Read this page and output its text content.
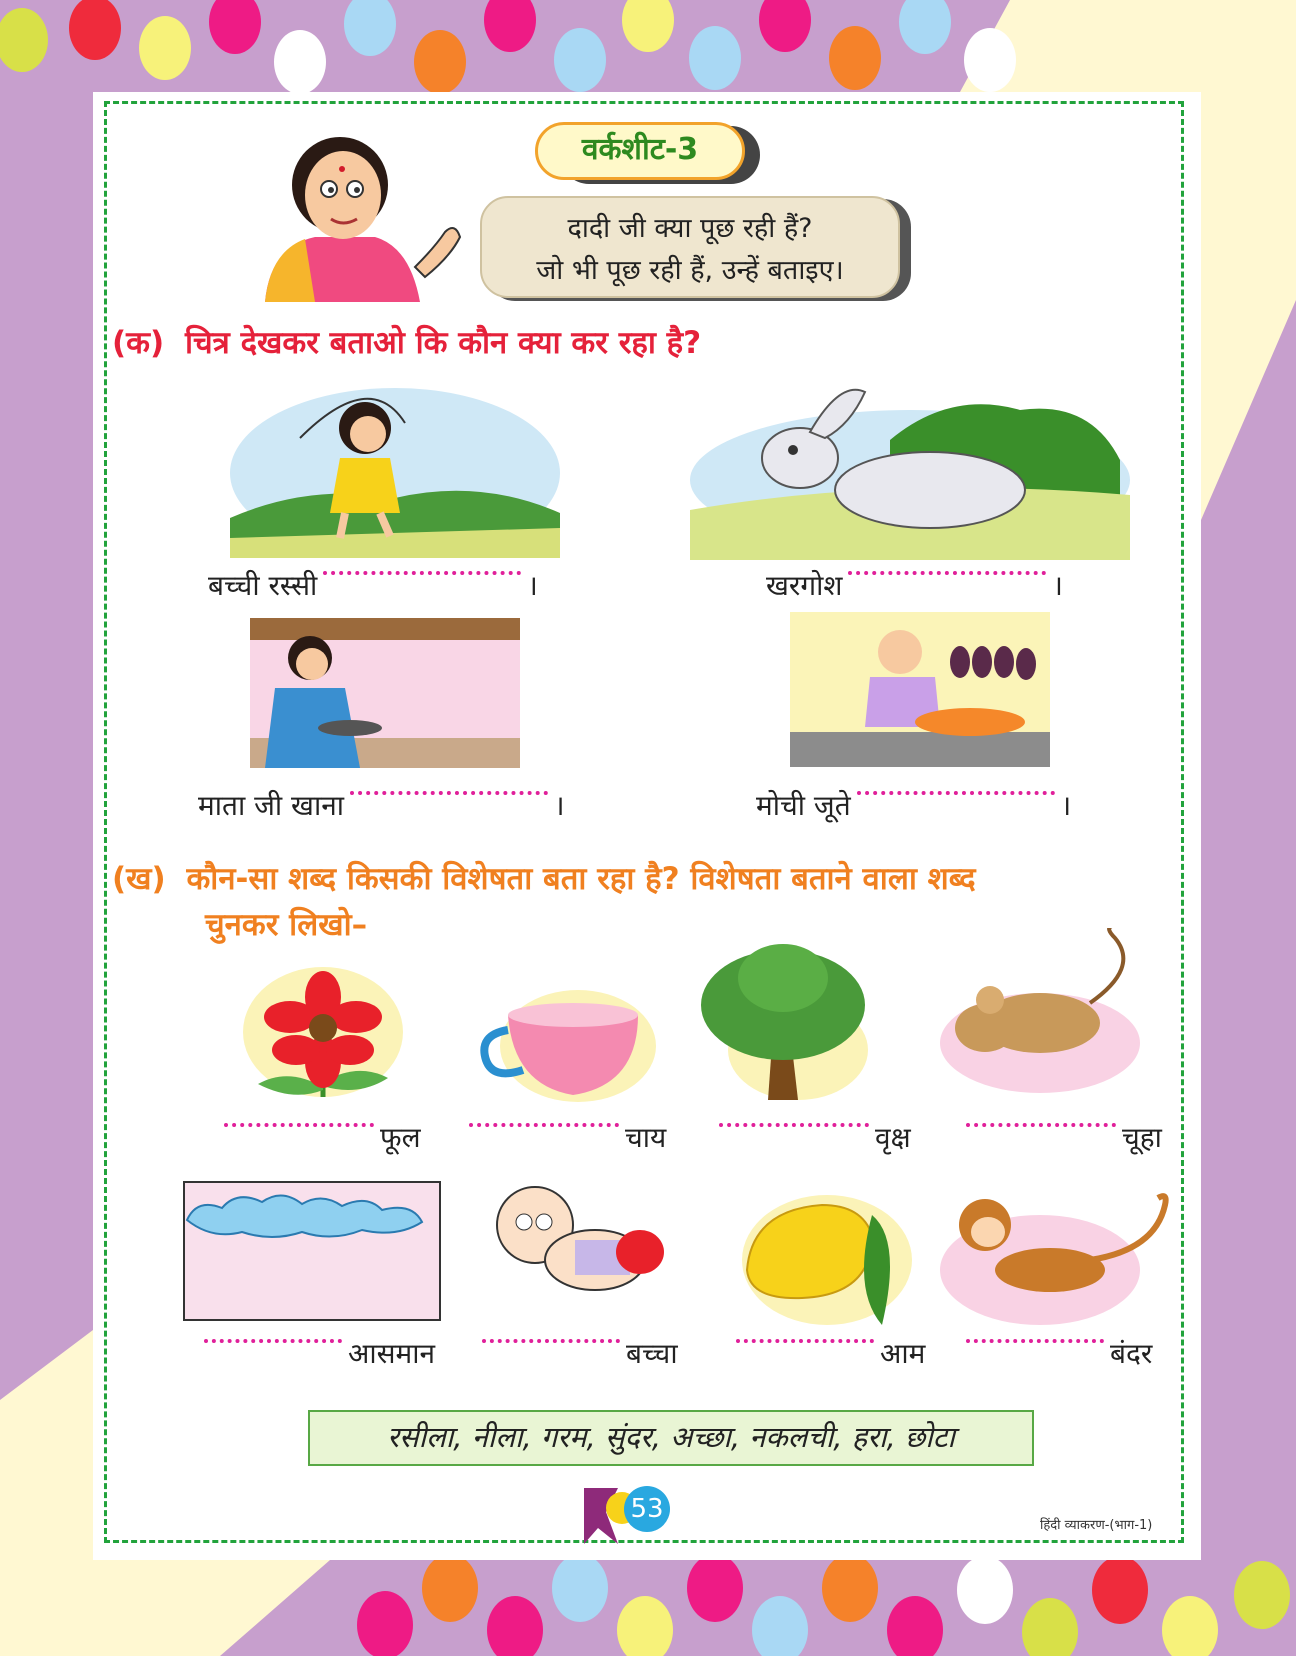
वर्कशीट-3
दादी जी क्या पूछ रही हैं?
जो भी पूछ रही हैं, उन्हें बताइए।
(क) चित्र देखकर बताओ कि कौन क्या कर रहा है?
बच्ची रस्सी	।	खरगोश	।
माता जी खाना	।	मोची जूते	।
(ख) कौन-सा शब्द किसकी विशेषता बता रहा है? विशेषता बताने वाला शब्द
चुनकर लिखो–
फूल	चाय	वृक्ष	चूहा
आसमान	बच्चा	आम	बंदर
रसीला, नीला, गरम, सुंदर, अच्छा, नकलची, हरा, छोटा
53
हिंदी व्याकरण-(भाग-1)
